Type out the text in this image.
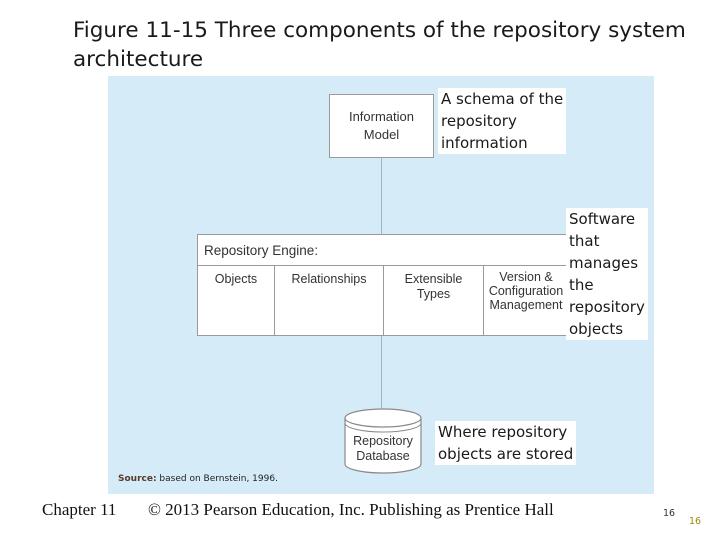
Figure 11-15 Three components of the repository system architecture
Information
Model
Repository Engine:
Objects	Relationships	Extensible
Types
Version &
Configuration
Management
Repository
Database
A schema of the
repository
information
Software
that
manages
the
repository
objects
Where repository
objects are stored
Source: based on Bernstein, 1996.
Chapter 11 © 2013 Pearson Education, Inc. Publishing as Prentice Hall	16
16
